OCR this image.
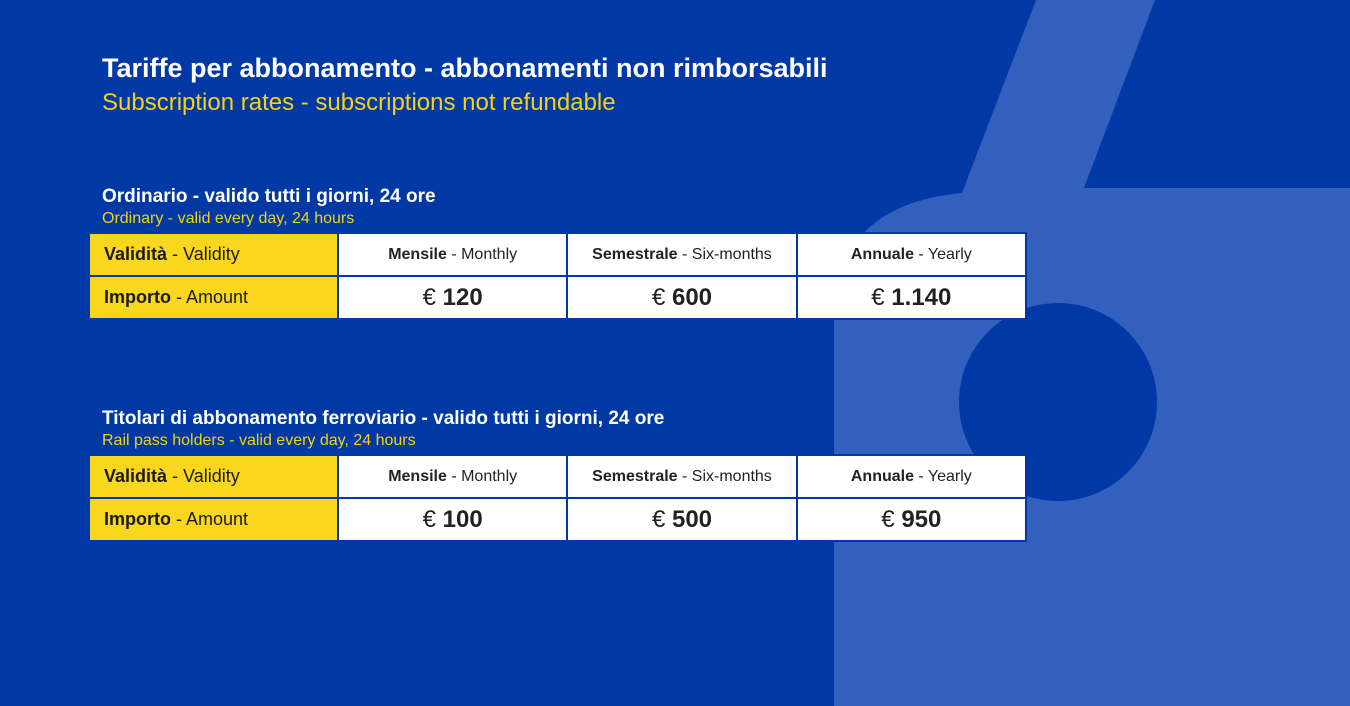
Tariffe per abbonamento - abbonamenti non rimborsabili
Subscription rates - subscriptions not refundable
Ordinario - valido tutti i giorni, 24 ore
Ordinary - valid every day, 24 hours
Validità - Validity	Mensile - Monthly	Semestrale - Six-months	Annuale - Yearly
Importo - Amount	€ 120	€ 600	€ 1.140
Titolari di abbonamento ferroviario - valido tutti i giorni, 24 ore
Rail pass holders - valid every day, 24 hours
Validità - Validity	Mensile - Monthly	Semestrale - Six-months	Annuale - Yearly
Importo - Amount	€ 100	€ 500	€ 950
